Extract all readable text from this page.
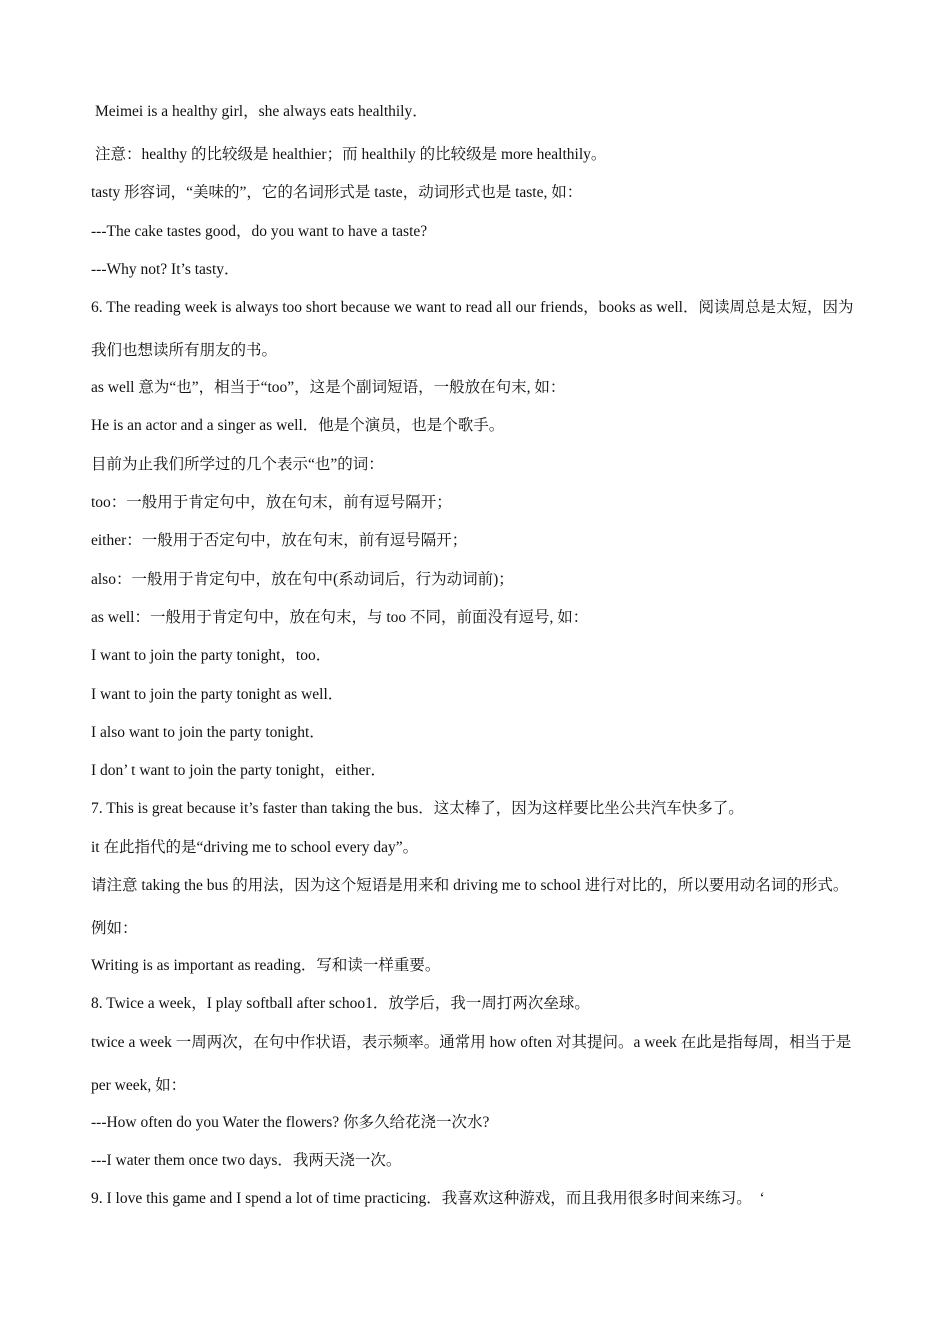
Meimei is a healthy girl，she always eats healthily．
注意：healthy 的比较级是 healthier；而 healthily 的比较级是 more healthily。
tasty 形容词，“美味的”，它的名词形式是 taste，动词形式也是 taste, 如：
---The cake tastes good，do you want to have a taste?
---Why not? It’s tasty．
6. The reading week is always too short because we want to read all our friends，books as well．阅读周总是太短，因为我们也想读所有朋友的书。
as well 意为“也”，相当于“too”，这是个副词短语，一般放在句末, 如：
He is an actor and a singer as well．他是个演员，也是个歌手。
目前为止我们所学过的几个表示“也”的词：
too：一般用于肯定句中，放在句末，前有逗号隔开；
either：一般用于否定句中，放在句末，前有逗号隔开；
also：一般用于肯定句中，放在句中(系动词后，行为动词前)；
as well：一般用于肯定句中，放在句末，与 too 不同，前面没有逗号, 如：
I want to join the party tonight，too．
I want to join the party tonight as well．
I also want to join the party tonight．
I don’ t want to join the party tonight，either．
7. This is great because it’s faster than taking the bus．这太棒了，因为这样要比坐公共汽车快多了。
it 在此指代的是“driving me to school every day”。
请注意 taking the bus 的用法，因为这个短语是用来和 driving me to school 进行对比的，所以要用动名词的形式。例如：
Writing is as important as reading．写和读一样重要。
8. Twice a week，I play softball after schoo1．放学后，我一周打两次垒球。
twice a week 一周两次，在句中作状语，表示频率。通常用 how often 对其提问。a week 在此是指每周，相当于是 per week, 如：
---How often do you Water the flowers? 你多久给花浇一次水?
---I water them once two days．我两天浇一次。
9. I love this game and I spend a lot of time practicing．我喜欢这种游戏，而且我用很多时间来练习。　‘
